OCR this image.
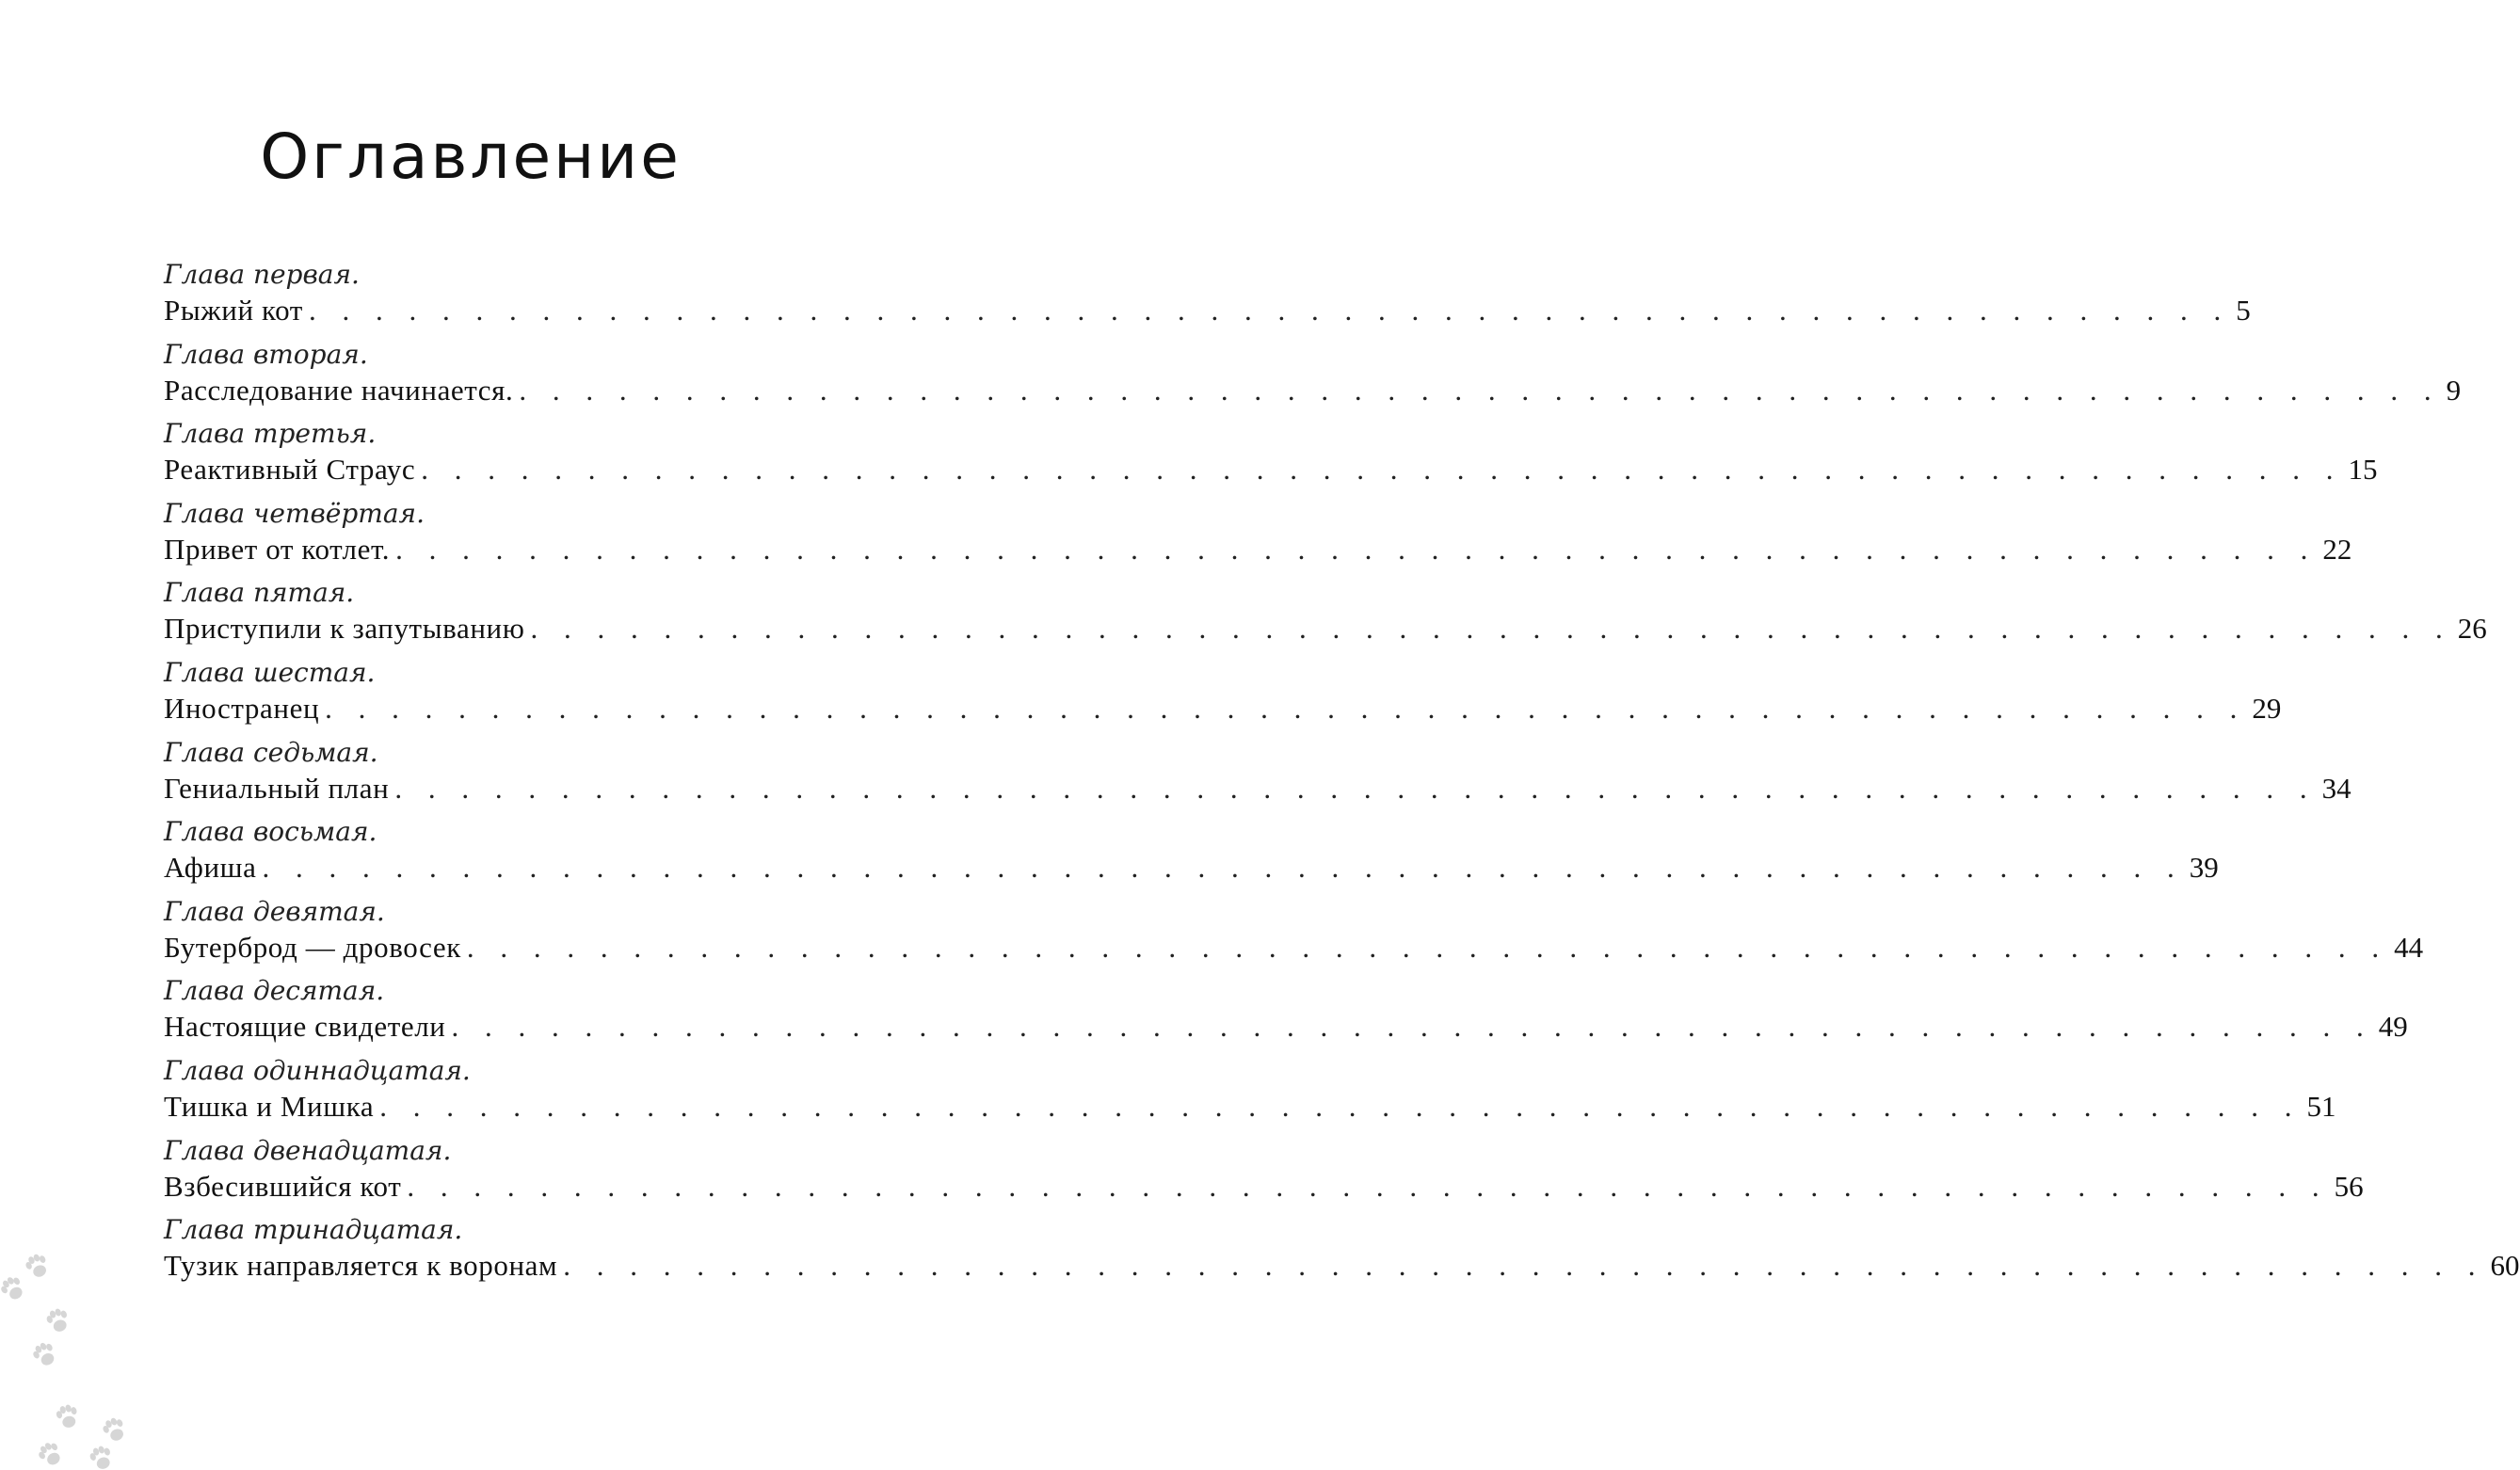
Оглавление
Глава первая.
Рыжий кот . . . . . . . . . . . . . . . . . . . . . . . . . . . . . . . . . . . . . . . . . . . . . . . . . . . . . . . . . . 5
Глава вторая.
Расследование начинается. . . . . . . . . . . . . . . . . . . . . . . . . . . . . . . . . . . . . . . . . . . . . . . . . . . . . . . . . . . 9
Глава третья.
Реактивный Страус . . . . . . . . . . . . . . . . . . . . . . . . . . . . . . . . . . . . . . . . . . . . . . . . . . . . . . . . . . 15
Глава четвёртая.
Привет от котлет. . . . . . . . . . . . . . . . . . . . . . . . . . . . . . . . . . . . . . . . . . . . . . . . . . . . . . . . . . . 22
Глава пятая.
Приступили к запутыванию . . . . . . . . . . . . . . . . . . . . . . . . . . . . . . . . . . . . . . . . . . . . . . . . . . . . . . . . . . 26
Глава шестая.
Иностранец . . . . . . . . . . . . . . . . . . . . . . . . . . . . . . . . . . . . . . . . . . . . . . . . . . . . . . . . . . 29
Глава седьмая.
Гениальный план . . . . . . . . . . . . . . . . . . . . . . . . . . . . . . . . . . . . . . . . . . . . . . . . . . . . . . . . . . 34
Глава восьмая.
Афиша . . . . . . . . . . . . . . . . . . . . . . . . . . . . . . . . . . . . . . . . . . . . . . . . . . . . . . . . . . 39
Глава девятая.
Бутерброд — дровосек . . . . . . . . . . . . . . . . . . . . . . . . . . . . . . . . . . . . . . . . . . . . . . . . . . . . . . . . . . 44
Глава десятая.
Настоящие свидетели . . . . . . . . . . . . . . . . . . . . . . . . . . . . . . . . . . . . . . . . . . . . . . . . . . . . . . . . . . 49
Глава одиннадцатая.
Тишка и Мишка . . . . . . . . . . . . . . . . . . . . . . . . . . . . . . . . . . . . . . . . . . . . . . . . . . . . . . . . . . 51
Глава двенадцатая.
Взбесившийся кот . . . . . . . . . . . . . . . . . . . . . . . . . . . . . . . . . . . . . . . . . . . . . . . . . . . . . . . . . . 56
Глава тринадцатая.
Тузик направляется к воронам . . . . . . . . . . . . . . . . . . . . . . . . . . . . . . . . . . . . . . . . . . . . . . . . . . . . . . . . . . 60
